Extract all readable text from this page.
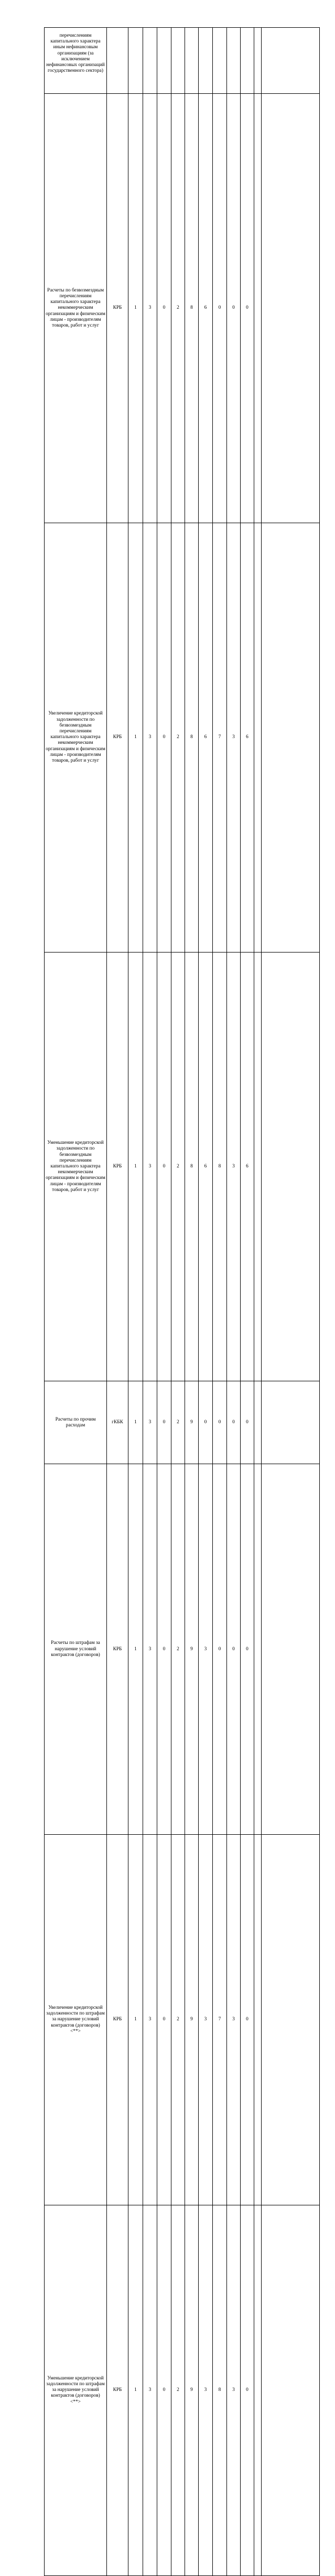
перечислениям капитального характера иным нефинансовым организациям (за исключением нефинансовых организаций государственного сектора)													
Расчеты по безвозмездным перечислениям капитального характера некоммерческим организациям и физическим лицам - производителям товаров, работ и услуг	КРБ	1	3	0	2	8	6	0	0	0			
Увеличение кредиторской задолженности по безвозмездным перечислениям капитального характера некоммерческим организациям и физическим лицам - производителям товаров, работ и услуг	КРБ	1	3	0	2	8	6	7	3	6			
Уменьшение кредиторской задолженности по безвозмездным перечислениям капитального характера некоммерческим организациям и физическим лицам - производителям товаров, работ и услуг	КРБ	1	3	0	2	8	6	8	3	6			
Расчеты по прочим расходам	гКБК	1	3	0	2	9	0	0	0	0			
Расчеты по штрафам за нарушение условий контрактов (договоров)	КРБ	1	3	0	2	9	3	0	0	0			
Увеличение кредиторской задолженности по штрафам за нарушение условий контрактов (договоров) <**>	КРБ	1	3	0	2	9	3	7	3	0			
Уменьшение кредиторской задолженности по штрафам за нарушение условий контрактов (договоров) <**>	КРБ	1	3	0	2	9	3	8	3	0			
